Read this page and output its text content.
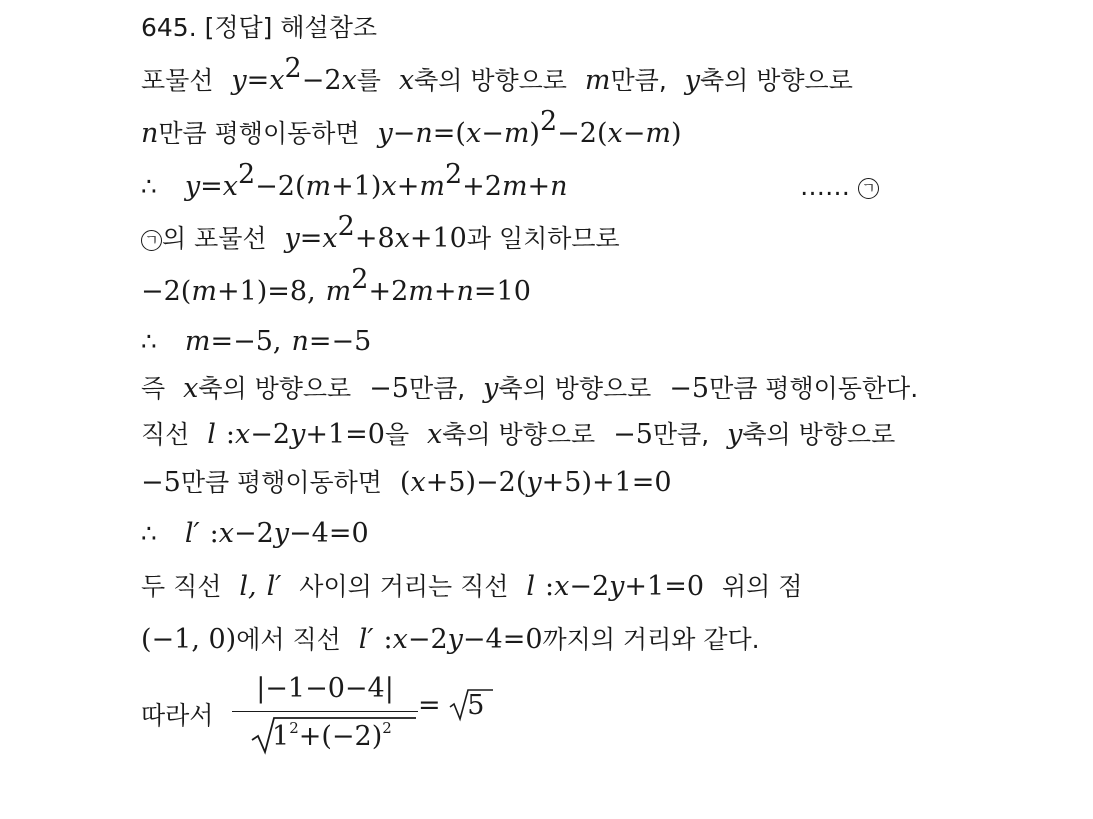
645. [정답] 해설참조
포물선 $y=x^2-2x$를 x축의 방향으로 m만큼, y축의 방향으로
n만큼 평행이동하면 $y-n=(x-m)^2-2(x-m)$
∴ $y=x^2-2(m+1)x+m^2+2m+n$	…… ㄱ
ㄱ 의 포물선 $y=x^2+8x+10$과 일치하므로
−2(m+1)=8, $m^2+2m+n=10$
∴ m=−5, n=−5
즉 x축의 방향으로 −5만큼, y축의 방향으로 −5만큼 평행이동한다.
직선 l :x−2y+1=0을 x축의 방향으로 −5만큼, y축의 방향으로
−5만큼 평행이동하면 (x+5)−2(y+5)+1=0
∴ l′ :x−2y−4=0
두 직선 l, l′ 사이의 거리는 직선 l :x−2y+1=0 위의 점
(−1, 0)에서 직선 l′ :x−2y−4=0까지의 거리와 같다.
따라서
|−1−0−4|
$1^2+(-2)^2$
= 5
